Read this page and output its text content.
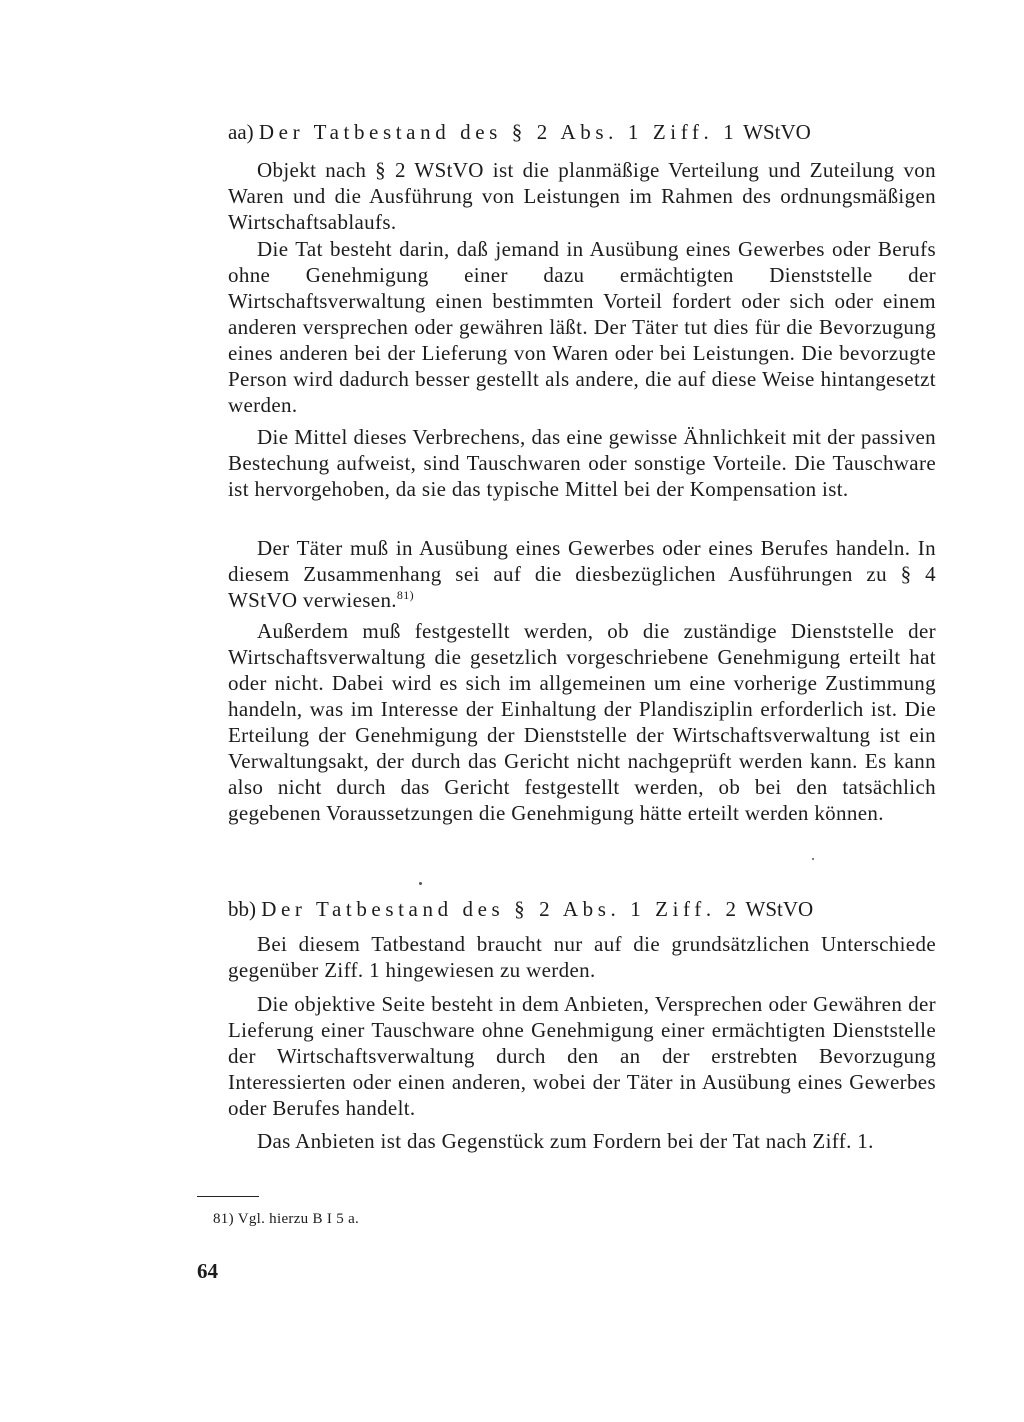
aa) Der Tatbestand des § 2 Abs. 1 Ziff. 1 WStVO
Objekt nach § 2 WStVO ist die planmäßige Verteilung und Zuteilung von Waren und die Ausführung von Leistungen im Rahmen des ordnungsmäßigen Wirtschaftsablaufs.
Die Tat besteht darin, daß jemand in Ausübung eines Gewerbes oder Berufs ohne Genehmigung einer dazu ermächtigten Dienststelle der Wirtschaftsverwaltung einen bestimmten Vorteil fordert oder sich oder einem anderen versprechen oder gewähren läßt. Der Täter tut dies für die Bevorzugung eines anderen bei der Lieferung von Waren oder bei Leistungen. Die bevorzugte Person wird dadurch besser gestellt als andere, die auf diese Weise hintangesetzt werden.
Die Mittel dieses Verbrechens, das eine gewisse Ähnlichkeit mit der passiven Bestechung aufweist, sind Tauschwaren oder sonstige Vorteile. Die Tauschware ist hervorgehoben, da sie das typische Mittel bei der Kompensation ist.
Der Täter muß in Ausübung eines Gewerbes oder eines Berufes handeln. In diesem Zusammenhang sei auf die diesbezüglichen Ausführungen zu § 4 WStVO verwiesen.$^{81)}$
Außerdem muß festgestellt werden, ob die zuständige Dienststelle der Wirtschaftsverwaltung die gesetzlich vorgeschriebene Genehmigung erteilt hat oder nicht. Dabei wird es sich im allgemeinen um eine vorherige Zustimmung handeln, was im Interesse der Einhaltung der Plandisziplin erforderlich ist. Die Erteilung der Genehmigung der Dienststelle der Wirtschaftsverwaltung ist ein Verwaltungsakt, der durch das Gericht nicht nachgeprüft werden kann. Es kann also nicht durch das Gericht festgestellt werden, ob bei den tatsächlich gegebenen Voraussetzungen die Genehmigung hätte erteilt werden können.
bb) Der Tatbestand des § 2 Abs. 1 Ziff. 2 WStVO
Bei diesem Tatbestand braucht nur auf die grundsätzlichen Unterschiede gegenüber Ziff. 1 hingewiesen zu werden.
Die objektive Seite besteht in dem Anbieten, Versprechen oder Gewähren der Lieferung einer Tauschware ohne Genehmigung einer ermächtigten Dienststelle der Wirtschaftsverwaltung durch den an der erstrebten Bevorzugung Interessierten oder einen anderen, wobei der Täter in Ausübung eines Gewerbes oder Berufes handelt.
Das Anbieten ist das Gegenstück zum Fordern bei der Tat nach Ziff. 1.
81) Vgl. hierzu B I 5 a.
64
